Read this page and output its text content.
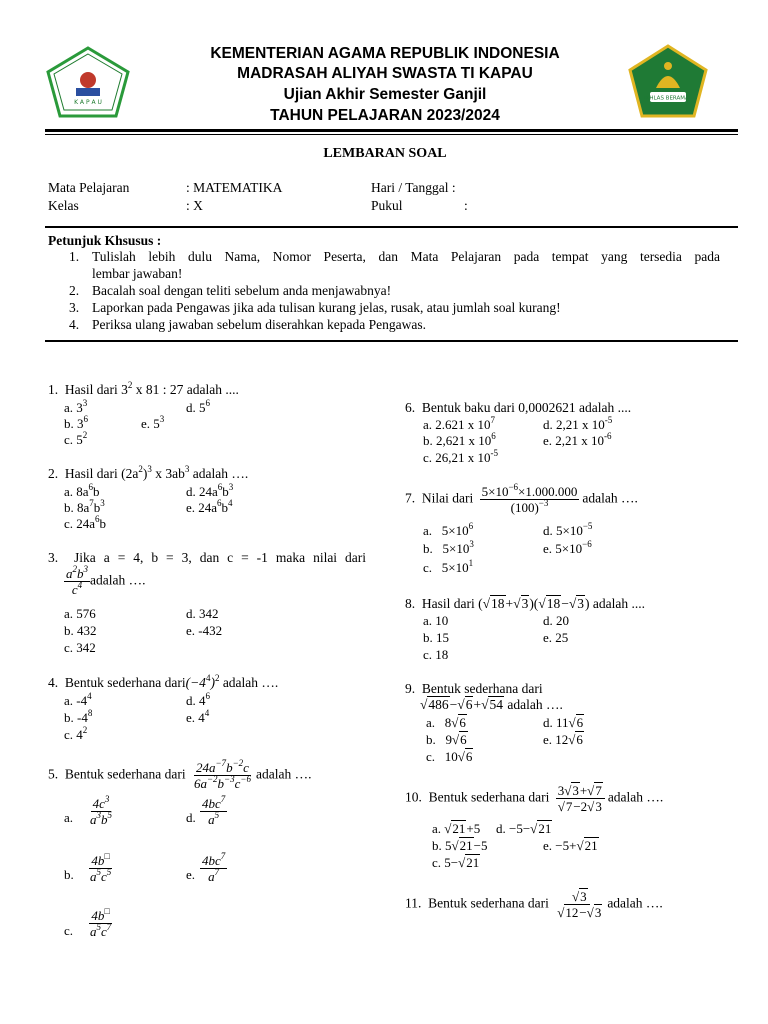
K A P A U
IKHLAS BERAMAL
KEMENTERIAN AGAMA REPUBLIK INDONESIA
MADRASAH ALIYAH SWASTA TI KAPAU
Ujian Akhir Semester Ganjil
TAHUN PELAJARAN 2023/2024
LEMBARAN SOAL
Mata Pelajaran	: MATEMATIKA
Kelas	: X
Hari / Tanggal :
Pukul	:
Petunjuk Khsusus :
1. Tulislah lebih dulu Nama, Nomor Peserta, dan Mata Pelajaran pada tempat yang tersedia pada
lembar jawaban!
2. Bacalah soal dengan teliti sebelum anda menjawabnya!
3. Laporkan pada Pengawas jika ada tulisan kurang jelas, rusak, atau jumlah soal kurang!
4. Periksa ulang jawaban sebelum diserahkan kepada Pengawas.
1. Hasil dari $3^2$ x 81 : 27 adalah ....
a. $3^3$
b. $3^6$
c. $5^2$
d. $5^6$
e. $5^3$
2. Hasil dari $(2a^2)^3$ x $3ab^3$ adalah ….
a. $8a^6b$
b. $8a^7b^3$
c. $24a^6b$
d. $24a^6b^3$
e. $24a^6b^4$
3. Jika a = 4, b = 3, dan c = -1 maka nilai dari
$\frac{a^2b^3}{c^4}$ adalah ….
a. 576
b. 432
c. 342
d. 342
e. -432
4. Bentuk sederhana $dari(-4^4)^2$ adalah ….
a. $-4^4$
b. $-4^8$
c. $4^2$
d. $4^6$
e. $4^4$
5. Bentuk sederhana dari $\frac{24a^{-7}b^{-2}c}{6a^{-2}b^{-3}c^{-6}}$ adalah ….
a. $\frac{4c^3}{a^3b^5}$	d. $\frac{4bc^7}{a^5}$
b. $\frac{4b^□}{a^5c^5}$	e. $\frac{4bc^7}{a^7}$
c. $\frac{4b^□}{a^5c^7}$
6. Bentuk baku dari 0,0002621 adalah ....
a. 2.621 x $10^7$
b. 2,621 x $10^6$
c. 26,21 x $10^{-5}$
d. 2,21 x $10^{-5}$
e. 2,21 x $10^{-6}$
7. Nilai dari $\frac{5\times 10^{-6}\times 1.000.000}{(100)^{-3}}$ adalah ….
a.   $5\times 10^6$
b.   $5\times 10^3$
c.   $5\times 10^1$
d. $5\times 10^{-5}$
e. $5\times 10^{-6}$
8. Hasil dari (√18+√3)(√18−√3) adalah ....
a. 10
b. 15
c. 18
d. 20
e. 25
9. Bentuk sederhana dari
√486−√6+√54 adalah ….
a.   8√6
b.   9√6
c.   10√6
d. 11√6
e. 12√6
10. Bentuk sederhana dari $\frac{3√3+√7}{√7-2√3}$ adalah ….
a. √21+5
b. 5√21−5
c. 5−√21
d. −5−√21
e. −5+√21
11. Bentuk sederhana dari $\frac{√3}{√12-√3}$ adalah ….
